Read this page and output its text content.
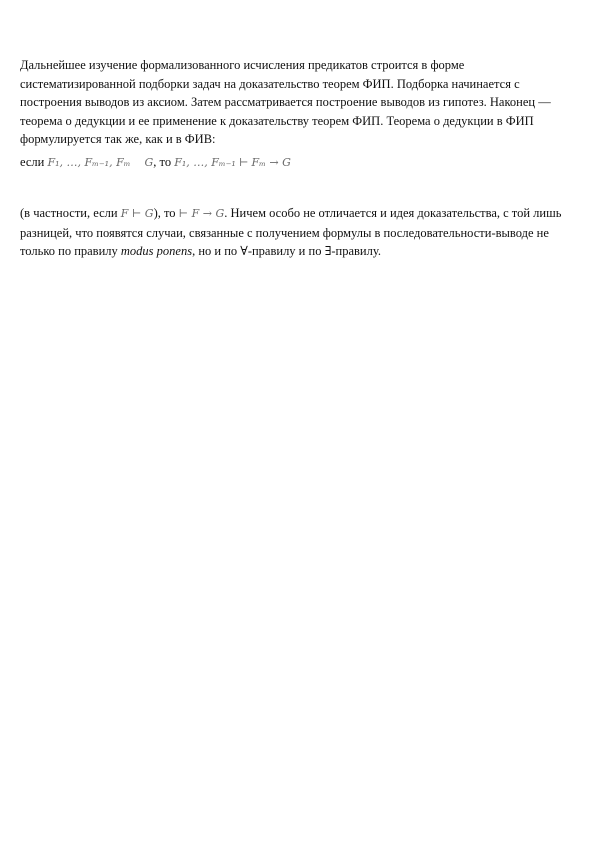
Дальнейшее изучение формализованного исчисления предикатов строится в форме систематизированной подборки задач на доказательство теорем ФИП. Подборка начинается с построения выводов из аксиом. Затем рассматривается построение выводов из гипотез. Наконец — теорема о дедукции и ее применение к доказательству теорем ФИП. Теорема о дедукции в ФИП формулируется так же, как и в ФИВ:

если F₁, …, Fₘ₋₁, Fₘ G, то F₁, …, Fₘ₋₁ ⊢ Fₘ → G

(в частности, если F ⊢ G), то ⊢ F → G. Ничем особо не отличается и идея доказательства, с той лишь разницей, что появятся случаи, связанные с получением формулы в последовательности-выводе не только по правилу modus ponens, но и по ∀-правилу и по ∃-правилу.
